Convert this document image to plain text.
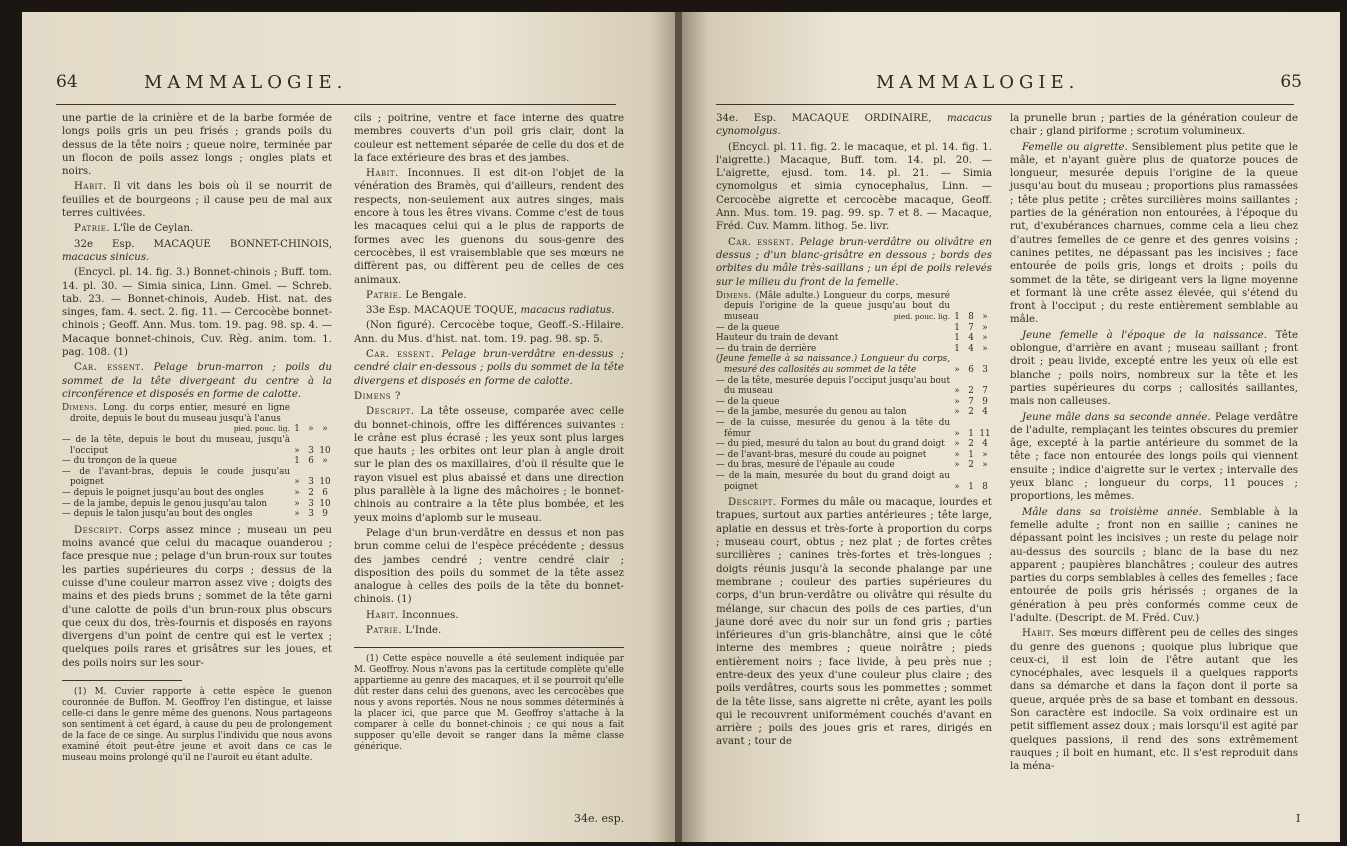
64	MAMMALOGIE.

une partie de la crinière et de la barbe formée de longs poils gris un peu frisés ; grands poils du dessus de la tête noirs ; queue noire, terminée par un flocon de poils assez longs ; ongles plats et noirs.

Habit. Il vit dans les bois où il se nourrit de feuilles et de bourgeons ; il cause peu de mal aux terres cultivées.

Patrie. L'île de Ceylan.

32e Esp. MACAQUE BONNET-CHINOIS, macacus sinicus.

(Encycl. pl. 14. fig. 3.) Bonnet-chinois ; Buff. tom. 14. pl. 30. — Simia sinica, Linn. Gmel. — Schreb. tab. 23. — Bonnet-chinois, Audeb. Hist. nat. des singes, fam. 4. sect. 2. fig. 11. — Cercocèbe bonnet-chinois ; Geoff. Ann. Mus. tom. 19. pag. 98. sp. 4. — Macaque bonnet-chinois, Cuv. Règ. anim. tom. 1. pag. 108. (1)

Car. essent. Pelage brun-marron ; poils du sommet de la tête divergeant du centre à la circonférence et disposés en forme de calotte.

Dimens. Long. du corps entier, mesuré en ligne droite, depuis le bout du museau jusqu'à l'anus
pied. pouc. lig.	1	»	»
— de la tête, depuis le bout du museau, jusqu'à l'occiput	»	3	10
— du tronçon de la queue	1	6	»
— de l'avant-bras, depuis le coude jusqu'au poignet	»	3	10
— depuis le poignet jusqu'au bout des ongles	»	2	6
— de la jambe, depuis le genou jusqu'au talon	»	3	10
— depuis le talon jusqu'au bout des ongles	»	3	9

Descript. Corps assez mince ; museau un peu moins avancé que celui du macaque ouanderou ; face presque nue ; pelage d'un brun-roux sur toutes les parties supérieures du corps ; dessus de la cuisse d'une couleur marron assez vive ; doigts des mains et des pieds bruns ; sommet de la tête garni d'une calotte de poils d'un brun-roux plus obscurs que ceux du dos, très-fournis et disposés en rayons divergens d'un point de centre qui est le vertex ; quelques poils rares et grisâtres sur les joues, et des poils noirs sur les sour-

(1) M. Cuvier rapporte à cette espèce le guenon couronnée de Buffon. M. Geoffroy l'en distingue, et laisse celle-ci dans le genre même des guenons. Nous partageons son sentiment à cet égard, à cause du peu de prolongement de la face de ce singe. Au surplus l'individu que nous avons examiné étoit peut-être jeune et avoit dans ce cas le museau moins prolongé qu'il ne l'auroit eu étant adulte.

cils ; poitrine, ventre et face interne des quatre membres couverts d'un poil gris clair, dont la couleur est nettement séparée de celle du dos et de la face extérieure des bras et des jambes.

Habit. Inconnues. Il est dit-on l'objet de la vénération des Bramès, qui d'ailleurs, rendent des respects, non-seulement aux autres singes, mais encore à tous les êtres vivans. Comme c'est de tous les macaques celui qui a le plus de rapports de formes avec les guenons du sous-genre des cercocèbes, il est vraisemblable que ses mœurs ne diffèrent pas, ou diffèrent peu de celles de ces animaux.

Patrie. Le Bengale.

33e Esp. MACAQUE TOQUE, macacus radiatus.

(Non figuré). Cercocèbe toque, Geoff.-S.-Hilaire. Ann. du Mus. d'hist. nat. tom. 19. pag. 98. sp. 5.

Car. essent. Pelage brun-verdâtre en-dessus ; cendré clair en-dessous ; poils du sommet de la tête divergens et disposés en forme de calotte.

Dimens ?

Descript. La tête osseuse, comparée avec celle du bonnet-chinois, offre les différences suivantes : le crâne est plus écrasé ; les yeux sont plus larges que hauts ; les orbites ont leur plan à angle droit sur le plan des os maxillaires, d'où il résulte que le rayon visuel est plus abaissé et dans une direction plus parallèle à la ligne des mâchoires ; le bonnet-chinois au contraire a la tête plus bombée, et les yeux moins d'aplomb sur le museau.

Pelage d'un brun-verdâtre en dessus et non pas brun comme celui de l'espèce précédente ; dessus des jambes cendré ; ventre cendré clair ; disposition des poils du sommet de la tête assez analogue à celles des poils de la tête du bonnet-chinois. (1)

Habit. Inconnues.

Patrie. L'Inde.

(1) Cette espèce nouvelle a été seulement indiquée par M. Geoffroy. Nous n'avons pas la certitude complète qu'elle appartienne au genre des macaques, et il se pourroit qu'elle dût rester dans celui des guenons, avec les cercocèbes que nous y avons reportés. Nous ne nous sommes déterminés à la placer ici, que parce que M. Geoffroy s'attache à la comparer à celle du bonnet-chinois ; ce qui nous a fait supposer qu'elle devoit se ranger dans la même classe générique.

34e. esp.
MAMMALOGIE.	65

34e. Esp. MACAQUE ORDINAIRE, macacus cynomolgus.

(Encycl. pl. 11. fig. 2. le macaque, et pl. 14. fig. 1. l'aigrette.) Macaque, Buff. tom. 14. pl. 20. — L'aigrette, ejusd. tom. 14. pl. 21. — Simia cynomolgus et simia cynocephalus, Linn. — Cercocèbe aigrette et cercocèbe macaque, Geoff. Ann. Mus. tom. 19. pag. 99. sp. 7 et 8. — Macaque, Fréd. Cuv. Mamm. lithog. 5e. livr.

Car. essent. Pelage brun-verdâtre ou olivâtre en dessus ; d'un blanc-grisâtre en dessous ; bords des orbites du mâle très-saillans ; un épi de poils relevés sur le milieu du front de la femelle.

Dimens. (Mâle adulte.) Longueur du corps, mesuré depuis l'origine de la queue jusqu'au bout du museau pied. pouc. lig.	1	8	»
— de la queue	1	7	»
Hauteur du train de devant	1	4	»
— du train de derrière	1	4	»
(Jeune femelle à sa naissance.) Longueur du corps, mesuré des callosités au sommet de la tête	»	6	3
— de la tête, mesurée depuis l'occiput jusqu'au bout du museau	»	2	7
— de la queue	»	7	9
— de la jambe, mesurée du genou au talon	»	2	4
— de la cuisse, mesurée du genou à la tête du fémur	»	1	11
— du pied, mesuré du talon au bout du grand doigt	»	2	4
— de l'avant-bras, mesuré du coude au poignet	»	1	»
— du bras, mesuré de l'épaule au coude	»	2	»
— de la main, mesurée du bout du grand doigt au poignet	»	1	8

Descript. Formes du mâle ou macaque, lourdes et trapues, surtout aux parties antérieures ; tête large, aplatie en dessus et très-forte à proportion du corps ; museau court, obtus ; nez plat ; de fortes crêtes surcilières ; canines très-fortes et très-longues ; doigts réunis jusqu'à la seconde phalange par une membrane ; couleur des parties supérieures du corps, d'un brun-verdâtre ou olivâtre qui résulte du mélange, sur chacun des poils de ces parties, d'un jaune doré avec du noir sur un fond gris ; parties inférieures d'un gris-blanchâtre, ainsi que le côté interne des membres ; queue noirâtre ; pieds entièrement noirs ; face livide, à peu près nue ; entre-deux des yeux d'une couleur plus claire ; des poils verdâtres, courts sous les pommettes ; sommet de la tête lisse, sans aigrette ni crête, ayant les poils qui le recouvrent uniformément couchés d'avant en arrière ; poils des joues gris et rares, dirigés en avant ; tour de

la prunelle brun ; parties de la génération couleur de chair ; gland piriforme ; scrotum volumineux.

Femelle ou aigrette. Sensiblement plus petite que le mâle, et n'ayant guère plus de quatorze pouces de longueur, mesurée depuis l'origine de la queue jusqu'au bout du museau ; proportions plus ramassées ; tête plus petite ; crêtes surcilières moins saillantes ; parties de la génération non entourées, à l'époque du rut, d'exubérances charnues, comme cela a lieu chez d'autres femelles de ce genre et des genres voisins ; canines petites, ne dépassant pas les incisives ; face entourée de poils gris, longs et droits ; poils du sommet de la tête, se dirigeant vers la ligne moyenne et formant là une crête assez élevée, qui s'étend du front à l'occiput ; du reste entièrement semblable au mâle.

Jeune femelle à l'époque de la naissance. Tête oblongue, d'arrière en avant ; museau saillant ; front droit ; peau livide, excepté entre les yeux où elle est blanche ; poils noirs, nombreux sur la tête et les parties supérieures du corps ; callosités saillantes, mais non calleuses.

Jeune mâle dans sa seconde année. Pelage verdâtre de l'adulte, remplaçant les teintes obscures du premier âge, excepté à la partie antérieure du sommet de la tête ; face non entourée des longs poils qui viennent ensuite ; indice d'aigrette sur le vertex ; intervalle des yeux blanc ; longueur du corps, 11 pouces ; proportions, les mêmes.

Mâle dans sa troisième année. Semblable à la femelle adulte ; front non en saillie ; canines ne dépassant point les incisives ; un reste du pelage noir au-dessus des sourcils ; blanc de la base du nez apparent ; paupières blanchâtres ; couleur des autres parties du corps semblables à celles des femelles ; face entourée de poils gris hérissés ; organes de la génération à peu près conformés comme ceux de l'adulte. (Descript. de M. Fréd. Cuv.)

Habit. Ses mœurs diffèrent peu de celles des singes du genre des guenons ; quoique plus lubrique que ceux-ci, il est loin de l'être autant que les cynocéphales, avec lesquels il a quelques rapports dans sa démarche et dans la façon dont il porte sa queue, arquée près de sa base et tombant en dessous. Son caractère est indocile. Sa voix ordinaire est un petit sifflement assez doux ; mais lorsqu'il est agité par quelques passions, il rend des sons extrêmement rauques ; il boit en humant, etc. Il s'est reproduit dans la ména-

I
